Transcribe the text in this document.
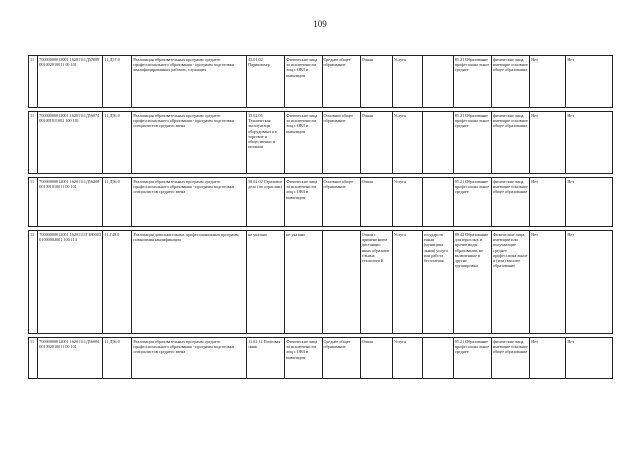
109
11	70000000012001 16201111Д57089 001002010011 00 101	11.Д57.0	Реализация образовательных программ среднего профессионального образования - программ подготовки квалифицированных рабочих, служащих	43.01.02 Парикмахер	Физические лица за исключени ем лиц с ОВЗ и инвалидов	Среднее общее образование	Очная	Услуга		85.21 Образование профессиона льное среднее	физические лица, имеющие основное общее образование	Нет	Нет

11	70000000012001 16201111Д56074 001001011002 100 101	11.Д56.0	Реализация образовательных программ среднего профессионального образования - программ подготовки специалистов среднего звена	15.02.05 Техническая эксплуатаци оборудовани я в торговле и общественно м питании	Физические лица за исключени ем лиц с ОВЗ и инвалидов	Основное общее образование	Очная	Услуга		85.21 Образование профессиона льное среднее	физические лица, имеющие основное общее образование	Нет	Нет

11	70000000012001 16201111Д56208 001001010011 00 101	11.Д56.0	Реализация образовательных программ среднего профессионального образования - программ подготовки специалистов среднего звена	38.02.02 Страховое дело (по отраслям)	Физические лица за исключени ем лиц с ОВЗ и инвалидов	Основное общее образование	Очная	Услуга		85.21 Образование профессиона льное среднее	физические лица, имеющие основное общее образование	Нет	Нет

11	70000000012001 16201111Г480003 01000002001 100 114	11.Г48.0	Реализация дополнительных профессиональных программ повышения квалификации	не указано	не указано		Очная с примене нием дистанцио нных образоват ельных технологи й	Услуга	государств енная (муниципа льная) услуга или работа бесплатная	80.42 Образование для взрослых и прочие виды образования, не включенные в другие группировки	Физические лица, имеющие или получающие среднее профессиона льное и (или) высшее образование	Нет	Нет

11	70000000012001 16201111Д56004 001002010011 00 101	11.Д56.0	Реализация образовательных программ среднего профессионального образования - программ подготовки специалистов среднего звена	11.02.12 Почтовая связь	Физические лица за исключени ем лиц с ОВЗ и инвалидов	Среднее общее образование	Очная	Услуга		85.21 Образование профессиона льное среднее	физические лица, имеющие основное общее образование	Нет	Нет
